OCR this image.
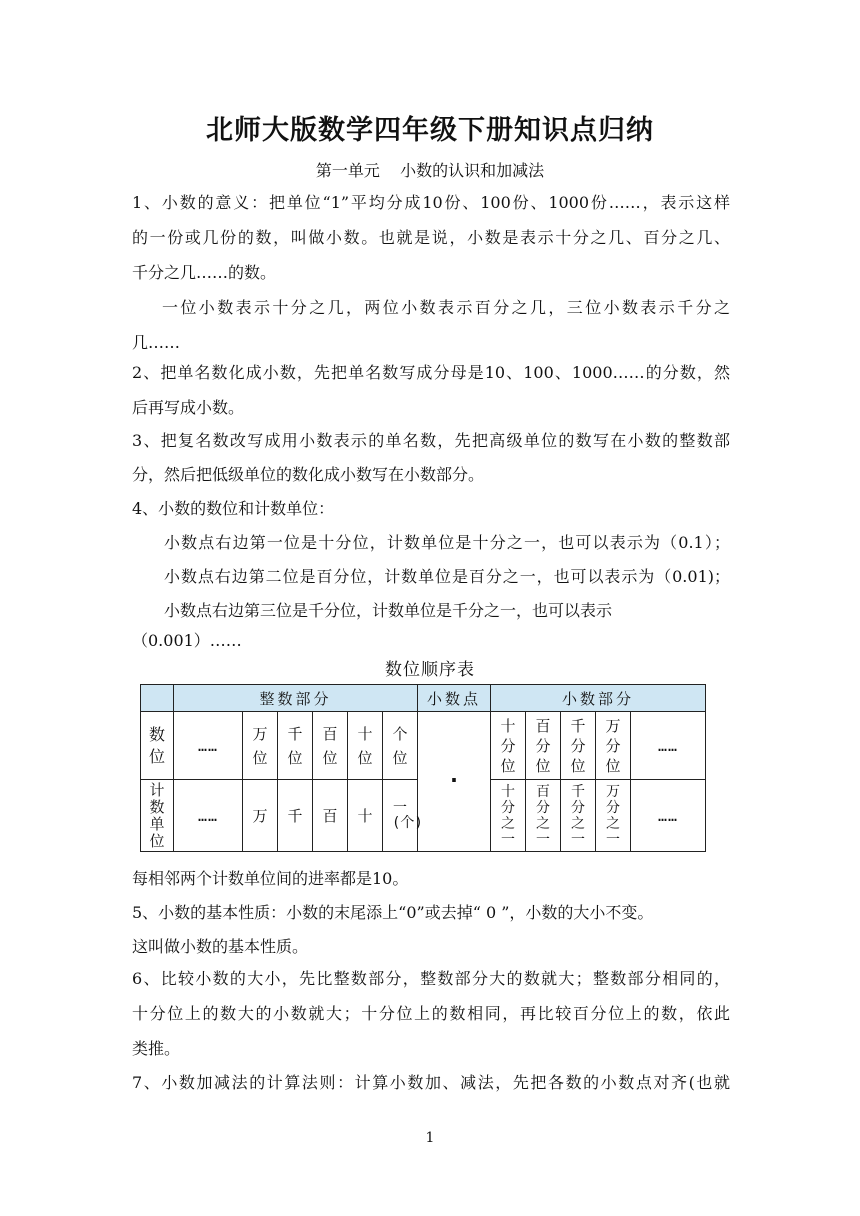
北师大版数学四年级下册知识点归纳
第一单元    小数的认识和加减法
1、小数的意义：把单位“1”平均分成10份、100份、1000份……，表示这样
的一份或几份的数，叫做小数。也就是说，小数是表示十分之几、百分之几、
千分之几……的数。
一位小数表示十分之几，两位小数表示百分之几，三位小数表示千分之
几……
2、把单名数化成小数，先把单名数写成分母是10、100、1000……的分数，然
后再写成小数。
3、把复名数改写成用小数表示的单名数，先把高级单位的数写在小数的整数部
分，然后把低级单位的数化成小数写在小数部分。
4、小数的数位和计数单位：
小数点右边第一位是十分位，计数单位是十分之一，也可以表示为（0.1）；
小数点右边第二位是百分位，计数单位是百分之一，也可以表示为（0.01)；
小数点右边第三位是千分位，计数单位是千分之一，也可以表示
（0.001）……
数位顺序表
	整数部分						小数点	小数部分				
数位	……	万位	千位	百位	十位	个位	·	十分位	百分位	千分位	万分位	……
计数单位	……	万	千	百	十	一(个)		十分之一	百分之一	千分之一	万分之一	……
每相邻两个计数单位间的进率都是10。
5、小数的基本性质：小数的末尾添上“0”或去掉“ 0 ”，小数的大小不变。
这叫做小数的基本性质。
6、比较小数的大小，先比整数部分，整数部分大的数就大；整数部分相同的，
十分位上的数大的小数就大；十分位上的数相同，再比较百分位上的数，依此
类推。
7、小数加减法的计算法则：计算小数加、减法，先把各数的小数点对齐(也就
1
